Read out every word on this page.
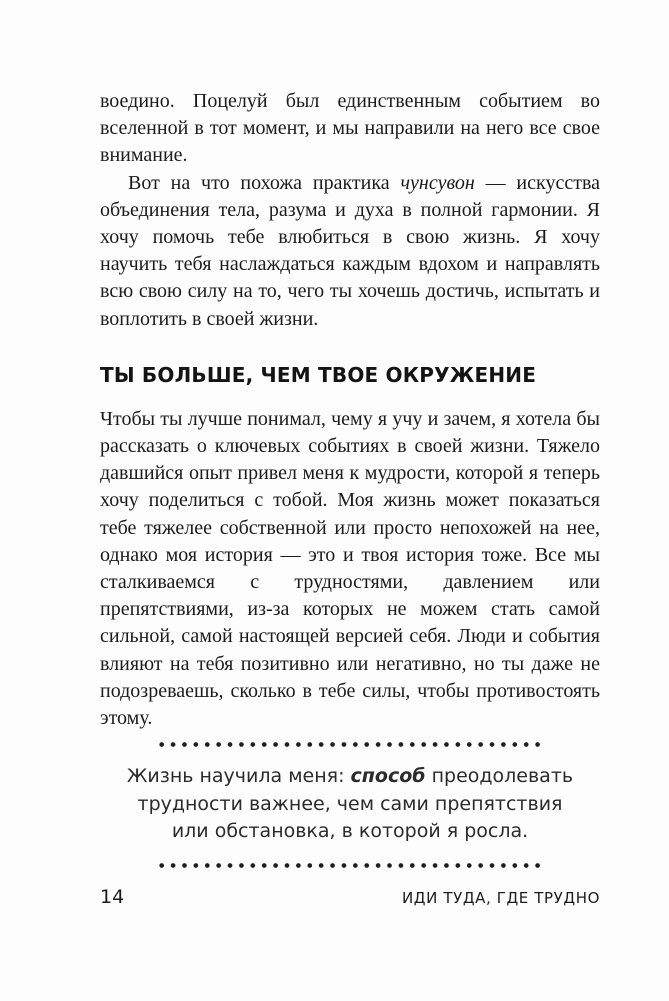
воедино. Поцелуй был единственным событием во вселенной в тот момент, и мы направили на него все свое внимание.

Вот на что похожа практика чунсувон — искусства объединения тела, разума и духа в полной гармонии. Я хочу помочь тебе влюбиться в свою жизнь. Я хочу научить тебя наслаждаться каждым вдохом и направлять всю свою силу на то, чего ты хочешь достичь, испытать и воплотить в своей жизни.

ТЫ БОЛЬШЕ, ЧЕМ ТВОЕ ОКРУЖЕНИЕ

Чтобы ты лучше понимал, чему я учу и зачем, я хотела бы рассказать о ключевых событиях в своей жизни. Тяжело давшийся опыт привел меня к мудрости, которой я теперь хочу поделиться с тобой. Моя жизнь может показаться тебе тяжелее собственной или просто непохожей на нее, однако моя история — это и твоя история тоже. Все мы сталкиваемся с трудностями, давлением или препятствиями, из-за которых не можем стать самой сильной, самой настоящей версией себя. Люди и события влияют на тебя позитивно или негативно, но ты даже не подозреваешь, сколько в тебе силы, чтобы противостоять этому.

Жизнь научила меня: способ преодолевать трудности важнее, чем сами препятствия или обстановка, в которой я росла.

14	ИДИ ТУДА, ГДЕ ТРУДНО
